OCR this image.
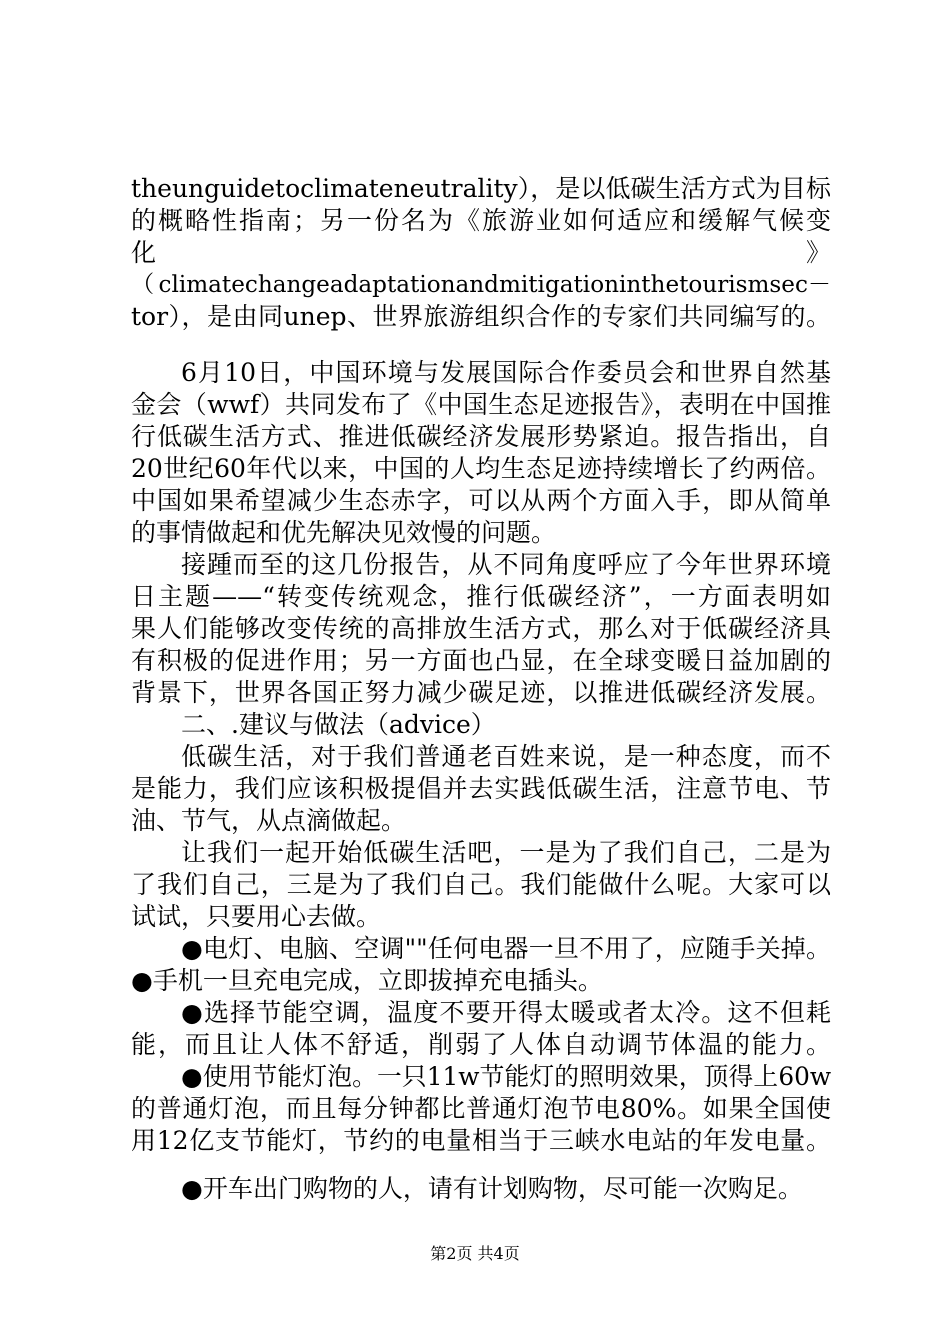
theunguidetoclimateneutrality），是以低碳生活方式为目标
的概略性指南；另一份名为《旅游业如何适应和缓解气候变
化                                              》
（climatechangeadaptationandmitigationinthetourismsec－
tor），是由同unep、世界旅游组织合作的专家们共同编写的。
6月10日，中国环境与发展国际合作委员会和世界自然基
金会（wwf）共同发布了《中国生态足迹报告》，表明在中国推
行低碳生活方式、推进低碳经济发展形势紧迫。报告指出，自
20世纪60年代以来，中国的人均生态足迹持续增长了约两倍。
中国如果希望减少生态赤字，可以从两个方面入手，即从简单
的事情做起和优先解决见效慢的问题。
接踵而至的这几份报告，从不同角度呼应了今年世界环境
日主题——“转变传统观念，推行低碳经济”，一方面表明如
果人们能够改变传统的高排放生活方式，那么对于低碳经济具
有积极的促进作用；另一方面也凸显，在全球变暖日益加剧的
背景下，世界各国正努力减少碳足迹，以推进低碳经济发展。
二、.建议与做法（advice）
低碳生活，对于我们普通老百姓来说，是一种态度，而不
是能力，我们应该积极提倡并去实践低碳生活，注意节电、节
油、节气，从点滴做起。
让我们一起开始低碳生活吧，一是为了我们自己，二是为
了我们自己，三是为了我们自己。我们能做什么呢。大家可以
试试，只要用心去做。
●电灯、电脑、空调""任何电器一旦不用了，应随手关掉。
●手机一旦充电完成，立即拔掉充电插头。
●选择节能空调，温度不要开得太暖或者太冷。这不但耗
能，而且让人体不舒适，削弱了人体自动调节体温的能力。
●使用节能灯泡。一只11w节能灯的照明效果，顶得上60w
的普通灯泡，而且每分钟都比普通灯泡节电80%。如果全国使
用12亿支节能灯，节约的电量相当于三峡水电站的年发电量。
●开车出门购物的人，请有计划购物，尽可能一次购足。
第2页 共4页
